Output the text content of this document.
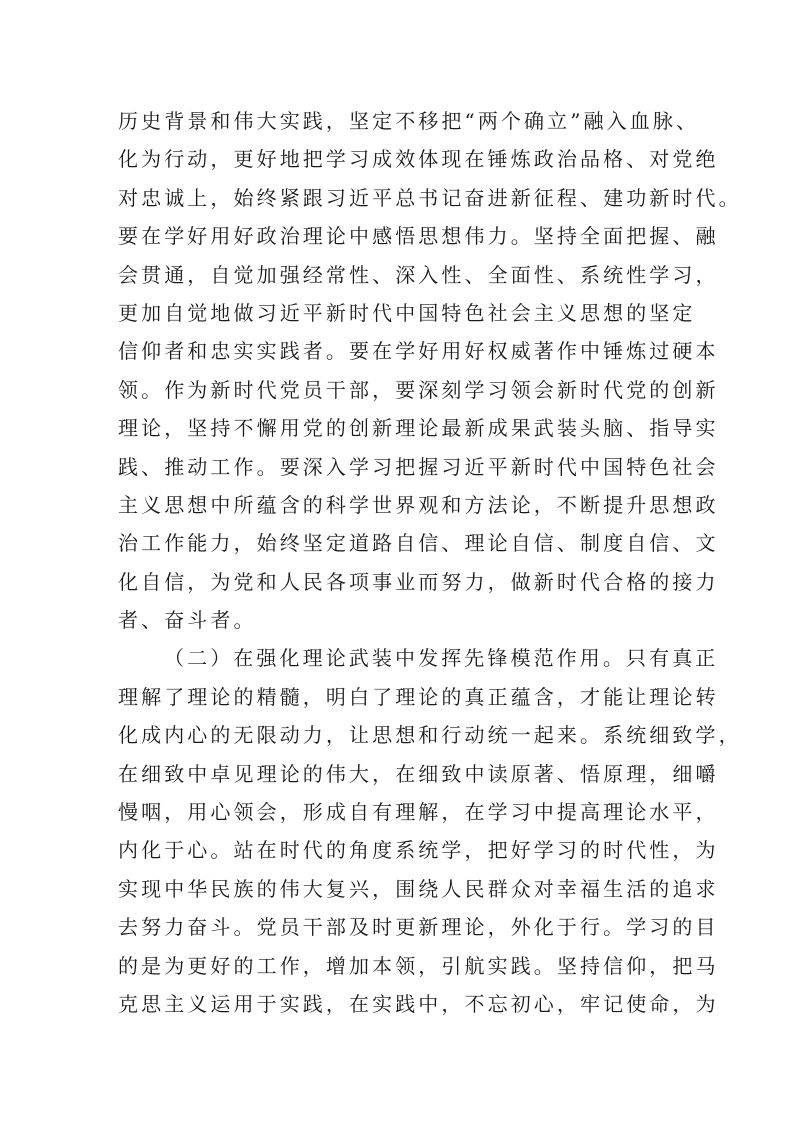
历史背景和伟大实践，坚定不移把“两个确立”融入血脉、
化为行动，更好地把学习成效体现在锤炼政治品格、对党绝
对忠诚上，始终紧跟习近平总书记奋进新征程、建功新时代。
要在学好用好政治理论中感悟思想伟力。坚持全面把握、融
会贯通，自觉加强经常性、深入性、全面性、系统性学习，
更加自觉地做习近平新时代中国特色社会主义思想的坚定
信仰者和忠实实践者。要在学好用好权威著作中锤炼过硬本
领。作为新时代党员干部，要深刻学习领会新时代党的创新
理论，坚持不懈用党的创新理论最新成果武装头脑、指导实
践、推动工作。要深入学习把握习近平新时代中国特色社会
主义思想中所蕴含的科学世界观和方法论，不断提升思想政
治工作能力，始终坚定道路自信、理论自信、制度自信、文
化自信，为党和人民各项事业而努力，做新时代合格的接力
者、奋斗者。
（二）在强化理论武装中发挥先锋模范作用。只有真正
理解了理论的精髓，明白了理论的真正蕴含，才能让理论转
化成内心的无限动力，让思想和行动统一起来。系统细致学，
在细致中卓见理论的伟大，在细致中读原著、悟原理，细嚼
慢咽，用心领会，形成自有理解，在学习中提高理论水平，
内化于心。站在时代的角度系统学，把好学习的时代性，为
实现中华民族的伟大复兴，围绕人民群众对幸福生活的追求
去努力奋斗。党员干部及时更新理论，外化于行。学习的目
的是为更好的工作，增加本领，引航实践。坚持信仰，把马
克思主义运用于实践，在实践中，不忘初心，牢记使命，为
